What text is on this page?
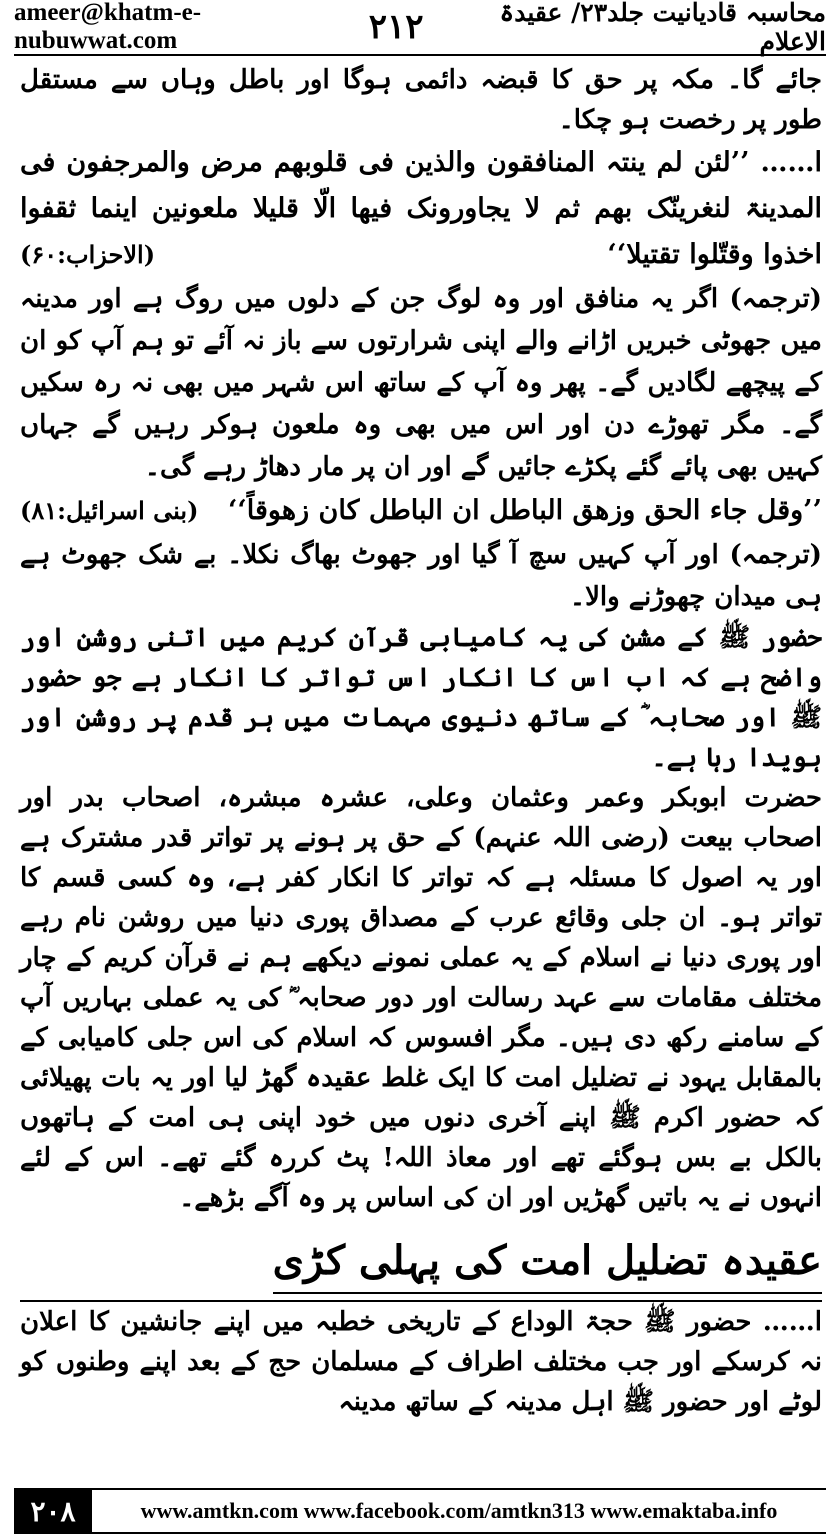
ameer@khatm-e-nubuwwat.com	۲۱۲	محاسبہ قادیانیت جلد۲۳/ عقیدۃ الاعلام

جائے گا۔ مکہ پر حق کا قبضہ دائمی ہوگا اور باطل وہاں سے مستقل طور پر رخصت ہو چکا۔

ا…… ’’لئن لم ینتہ المنافقون والذین فی قلوبھم مرض والمرجفون فی المدینۃ لنغرینّک بھم ثم لا یجاورونک فیھا الّا قلیلا ملعونین اینما ثقفوا اخذوا وقتّلوا تقتیلا‘‘
(الاحزاب:۶۰)

(ترجمہ) اگر یہ منافق اور وہ لوگ جن کے دلوں میں روگ ہے اور مدینہ میں جھوٹی خبریں اڑانے والے اپنی شرارتوں سے باز نہ آئے تو ہم آپ کو ان کے پیچھے لگادیں گے۔ پھر وہ آپ کے ساتھ اس شہر میں بھی نہ رہ سکیں گے۔ مگر تھوڑے دن اور اس میں بھی وہ ملعون ہوکر رہیں گے جہاں کہیں بھی پائے گئے پکڑے جائیں گے اور ان پر مار دھاڑ رہے گی۔

’’وقل جاء الحق وزھق الباطل ان الباطل کان زھوقاً‘‘
(بنی اسرائیل:۸۱)

(ترجمہ) اور آپ کہیں سچ آ گیا اور جھوٹ بھاگ نکلا۔ بے شک جھوٹ ہے ہی میدان چھوڑنے والا۔

حضور ﷺ کے مشن کی یہ کامیابی قرآن کریم میں اتنی روشن اور واضح ہے کہ اب اس کا انکار اس تواتر کا انکار ہے جو حضور ﷺ اور صحابہ ؓ کے ساتھ دنیوی مہمات میں ہر قدم پر روشن اور ہویدا رہا ہے۔

حضرت ابوبکر وعمر وعثمان وعلی، عشرہ مبشرہ، اصحاب بدر اور اصحاب بیعت (رضی اللہ عنہم) کے حق پر ہونے پر تواتر قدر مشترک ہے اور یہ اصول کا مسئلہ ہے کہ تواتر کا انکار کفر ہے، وہ کسی قسم کا تواتر ہو۔ ان جلی وقائع عرب کے مصداق پوری دنیا میں روشن نام رہے اور پوری دنیا نے اسلام کے یہ عملی نمونے دیکھے ہم نے قرآن کریم کے چار مختلف مقامات سے عہد رسالت اور دور صحابہ ؓ کی یہ عملی بہاریں آپ کے سامنے رکھ دی ہیں۔ مگر افسوس کہ اسلام کی اس جلی کامیابی کے بالمقابل یہود نے تضلیل امت کا ایک غلط عقیدہ گھڑ لیا اور یہ بات پھیلائی کہ حضور اکرم ﷺ اپنے آخری دنوں میں خود اپنی ہی امت کے ہاتھوں بالکل بے بس ہوگئے تھے اور معاذ اللہ! پٹ کررہ گئے تھے۔ اس کے لئے انہوں نے یہ باتیں گھڑیں اور ان کی اساس پر وہ آگے بڑھے۔

عقیدہ تضلیل امت کی پہلی کڑی

ا…… حضور ﷺ حجۃ الوداع کے تاریخی خطبہ میں اپنے جانشین کا اعلان نہ کرسکے اور جب مختلف اطراف کے مسلمان حج کے بعد اپنے وطنوں کو لوٹے اور حضور ﷺ اہل مدینہ کے ساتھ مدینہ

۲۰۸	www.amtkn.com www.facebook.com/amtkn313 www.emaktaba.info
